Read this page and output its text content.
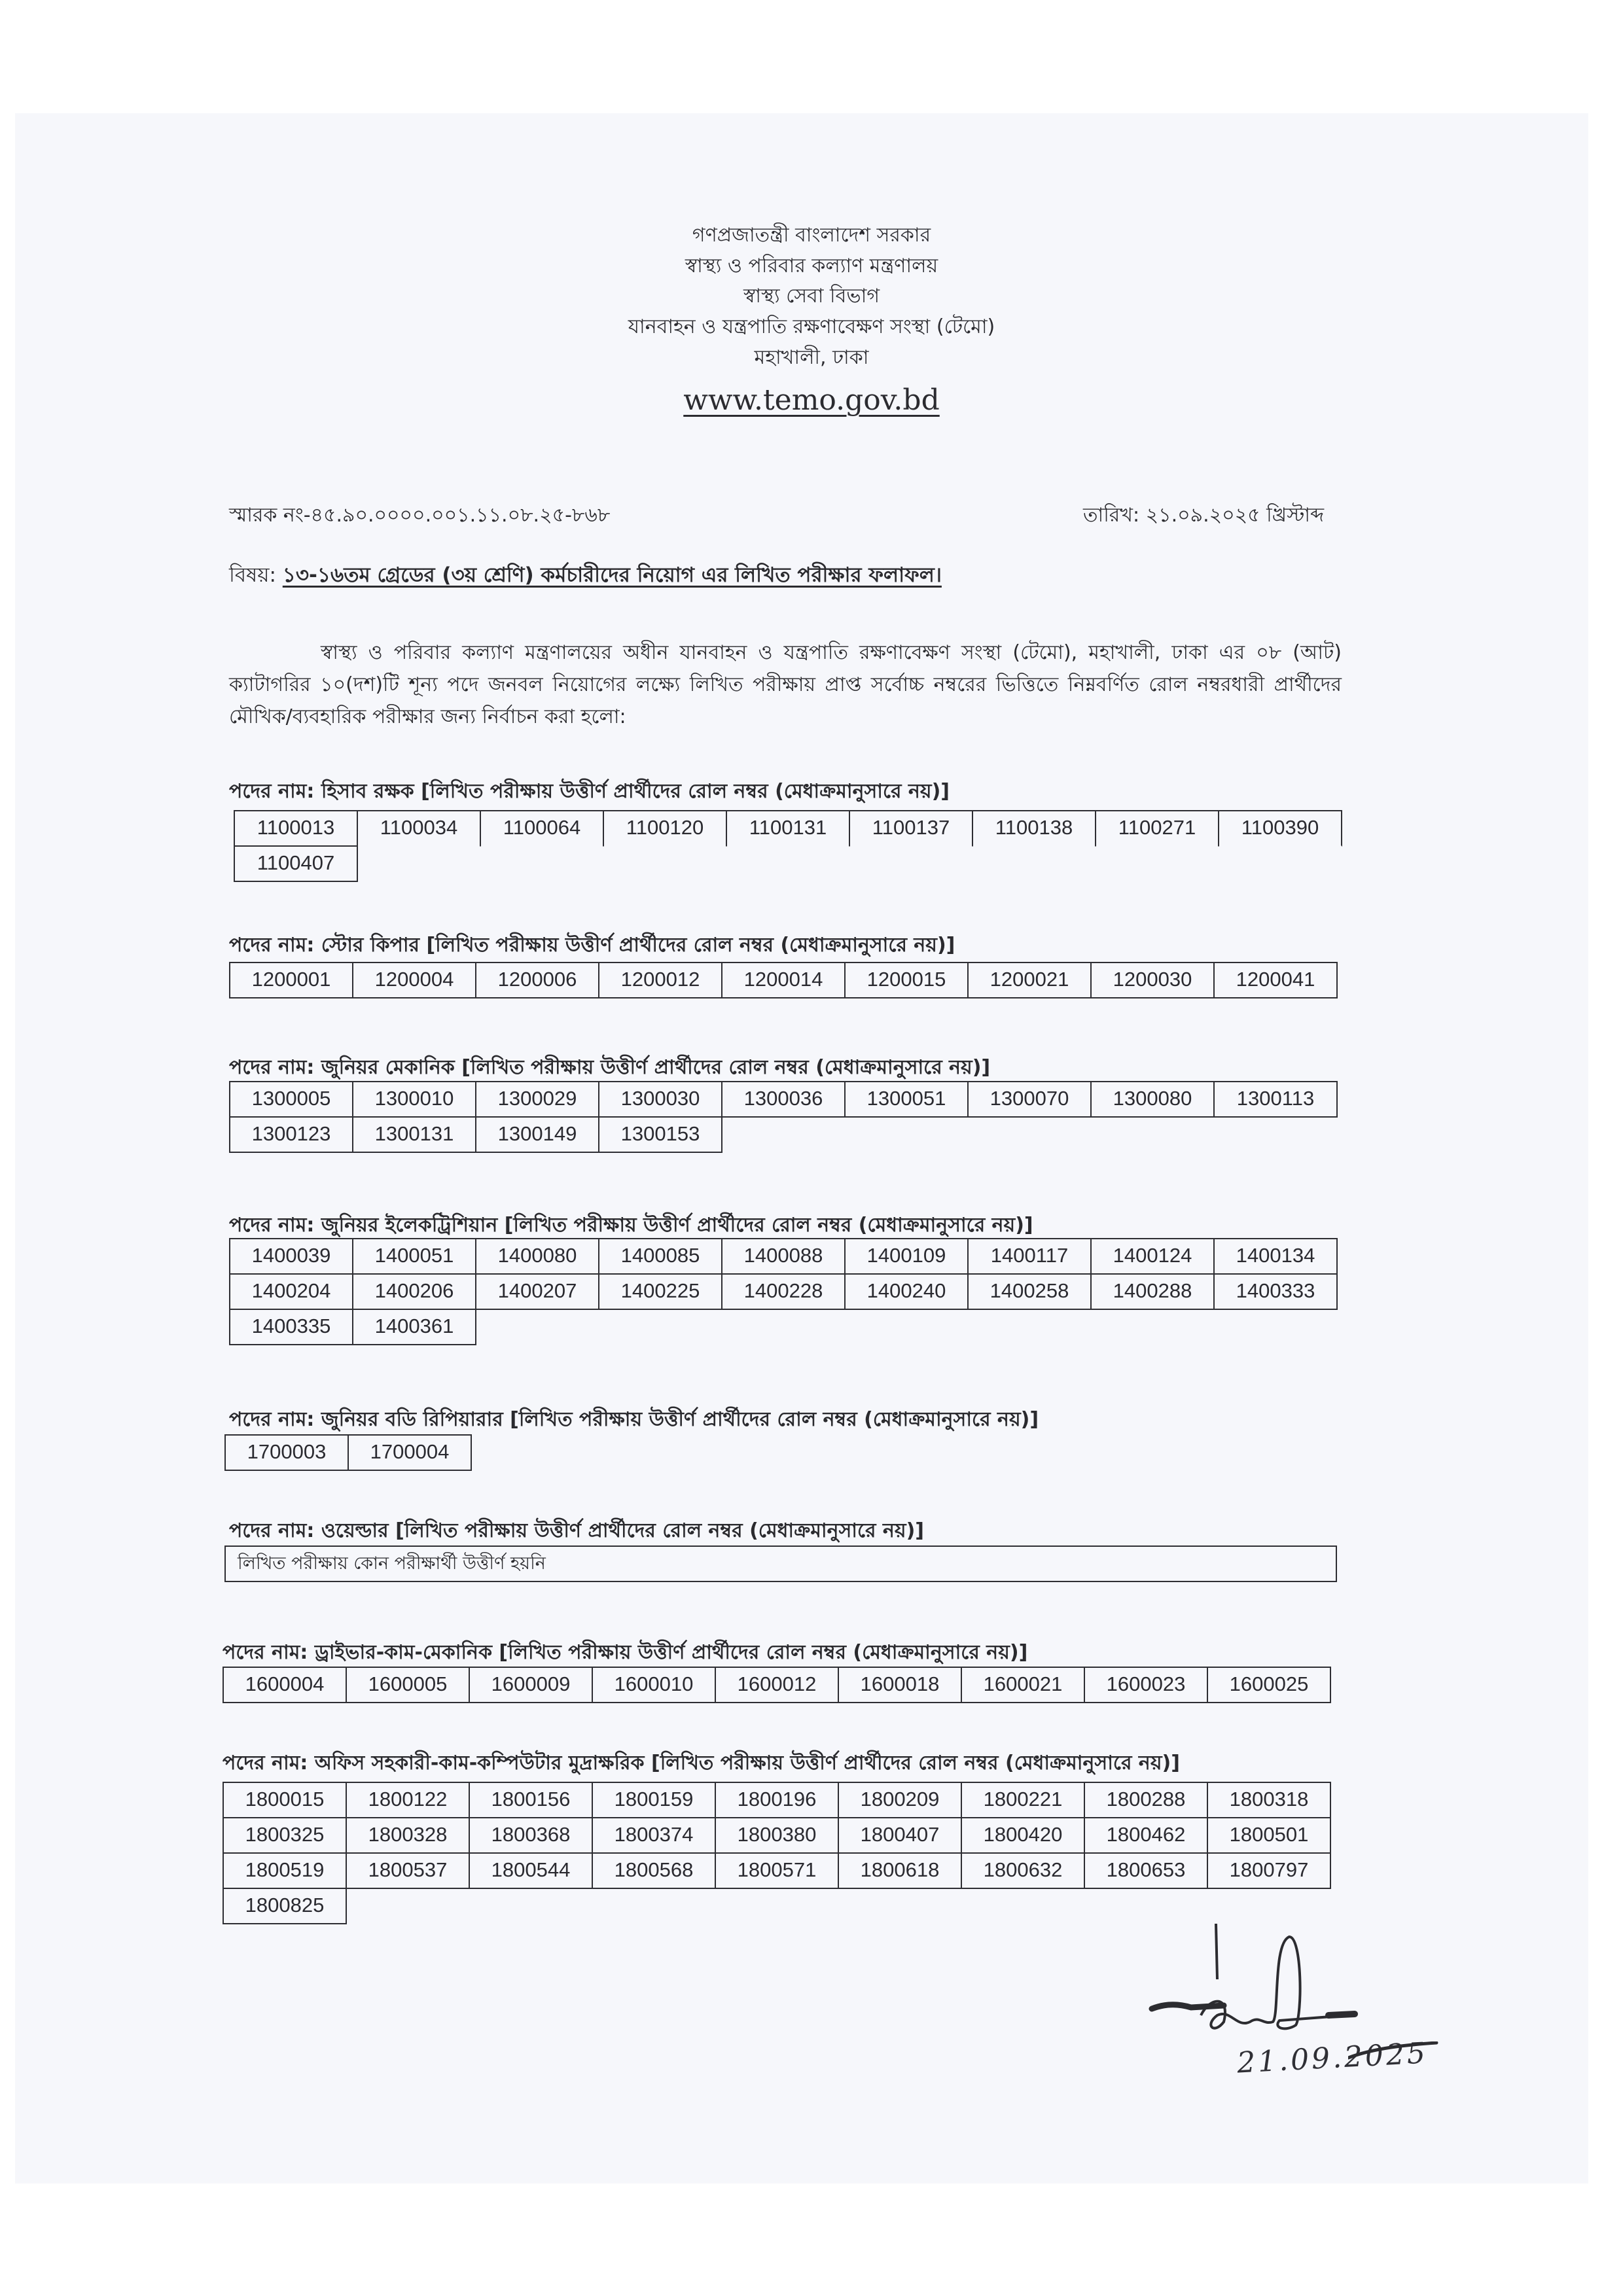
গণপ্রজাতন্ত্রী বাংলাদেশ সরকার
স্বাস্থ্য ও পরিবার কল্যাণ মন্ত্রণালয়
স্বাস্থ্য সেবা বিভাগ
যানবাহন ও যন্ত্রপাতি রক্ষণাবেক্ষণ সংস্থা (টেমো)
মহাখালী, ঢাকা
www.temo.gov.bd
স্মারক নং-৪৫.৯০.০০০০.০০১.১১.০৮.২৫-৮৬৮	তারিখ: ২১.০৯.২০২৫ খ্রিস্টাব্দ
বিষয়: ১৩-১৬তম গ্রেডের (৩য় শ্রেণি) কর্মচারীদের নিয়োগ এর লিখিত পরীক্ষার ফলাফল।
স্বাস্থ্য ও পরিবার কল্যাণ মন্ত্রণালয়ের অধীন যানবাহন ও যন্ত্রপাতি রক্ষণাবেক্ষণ সংস্থা (টেমো), মহাখালী, ঢাকা এর ০৮ (আট) ক্যাটাগরির ১০(দশ)টি শূন্য পদে জনবল নিয়োগের লক্ষ্যে লিখিত পরীক্ষায় প্রাপ্ত সর্বোচ্চ নম্বরের ভিত্তিতে নিম্নবর্ণিত রোল নম্বরধারী প্রার্থীদের মৌখিক/ব্যবহারিক পরীক্ষার জন্য নির্বাচন করা হলো:
পদের নাম: হিসাব রক্ষক [লিখিত পরীক্ষায় উত্তীর্ণ প্রার্থীদের রোল নম্বর (মেধাক্রমানুসারে নয়)]
1100013	1100034	1100064	1100120	1100131	1100137	1100138	1100271	1100390
1100407
পদের নাম: স্টোর কিপার [লিখিত পরীক্ষায় উত্তীর্ণ প্রার্থীদের রোল নম্বর (মেধাক্রমানুসারে নয়)]
1200001	1200004	1200006	1200012	1200014	1200015	1200021	1200030	1200041
পদের নাম: জুনিয়র মেকানিক [লিখিত পরীক্ষায় উত্তীর্ণ প্রার্থীদের রোল নম্বর (মেধাক্রমানুসারে নয়)]
1300005	1300010	1300029	1300030	1300036	1300051	1300070	1300080	1300113
1300123	1300131	1300149	1300153
পদের নাম: জুনিয়র ইলেকট্রিশিয়ান [লিখিত পরীক্ষায় উত্তীর্ণ প্রার্থীদের রোল নম্বর (মেধাক্রমানুসারে নয়)]
1400039	1400051	1400080	1400085	1400088	1400109	1400117	1400124	1400134
1400204	1400206	1400207	1400225	1400228	1400240	1400258	1400288	1400333
1400335	1400361
পদের নাম: জুনিয়র বডি রিপিয়ারার [লিখিত পরীক্ষায় উত্তীর্ণ প্রার্থীদের রোল নম্বর (মেধাক্রমানুসারে নয়)]
1700003	1700004
পদের নাম: ওয়েল্ডার [লিখিত পরীক্ষায় উত্তীর্ণ প্রার্থীদের রোল নম্বর (মেধাক্রমানুসারে নয়)]
লিখিত পরীক্ষায় কোন পরীক্ষার্থী উত্তীর্ণ হয়নি
পদের নাম: ড্রাইভার-কাম-মেকানিক [লিখিত পরীক্ষায় উত্তীর্ণ প্রার্থীদের রোল নম্বর (মেধাক্রমানুসারে নয়)]
1600004	1600005	1600009	1600010	1600012	1600018	1600021	1600023	1600025
পদের নাম: অফিস সহকারী-কাম-কম্পিউটার মুদ্রাক্ষরিক [লিখিত পরীক্ষায় উত্তীর্ণ প্রার্থীদের রোল নম্বর (মেধাক্রমানুসারে নয়)]
1800015	1800122	1800156	1800159	1800196	1800209	1800221	1800288	1800318
1800325	1800328	1800368	1800374	1800380	1800407	1800420	1800462	1800501
1800519	1800537	1800544	1800568	1800571	1800618	1800632	1800653	1800797
1800825
21.09.2025
